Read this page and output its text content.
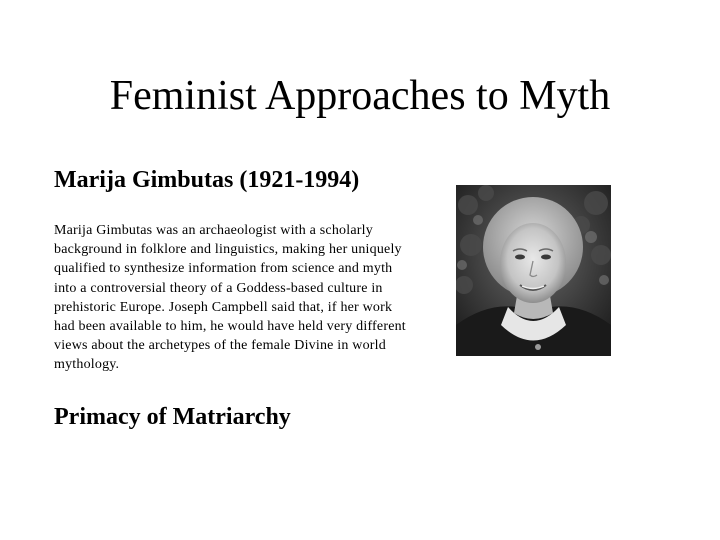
Feminist Approaches to Myth
Marija Gimbutas (1921-1994)

Marija Gimbutas was an archaeologist with a scholarly background in folklore and linguistics, making her uniquely qualified to synthesize information from science and myth into a controversial theory of a Goddess-based culture in prehistoric Europe. Joseph Campbell said that, if her work had been available to him, he would have held very different views about the archetypes of the female Divine in world mythology.

Primacy of Matriarchy
